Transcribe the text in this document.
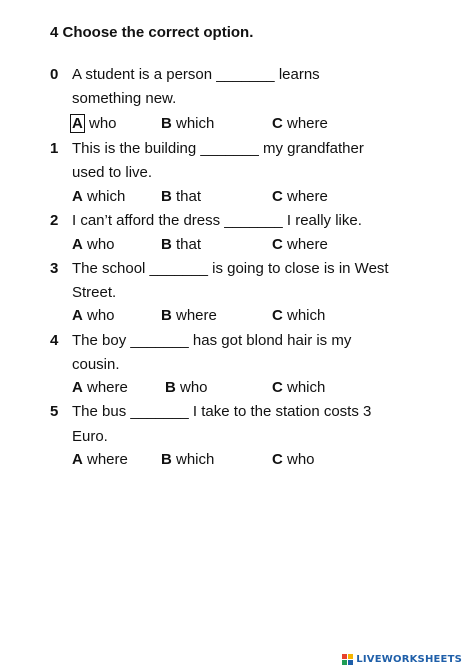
4 Choose the correct option.
0 A student is a person _______ learns
something new.
A who	B which	C where
1 This is the building _______ my grandfather
used to live.
A which B that	C where
2 I can’t afford the dress _______ I really like.
A who	B that	C where
3 The school _______ is going to close is in West
Street.
A who	B where	C which
4 The boy _______ has got blond hair is my
cousin.
A where B who	C which
5 The bus _______ I take to the station costs 3
Euro.
A where B which	C who
LIVEWORKSHEETS
